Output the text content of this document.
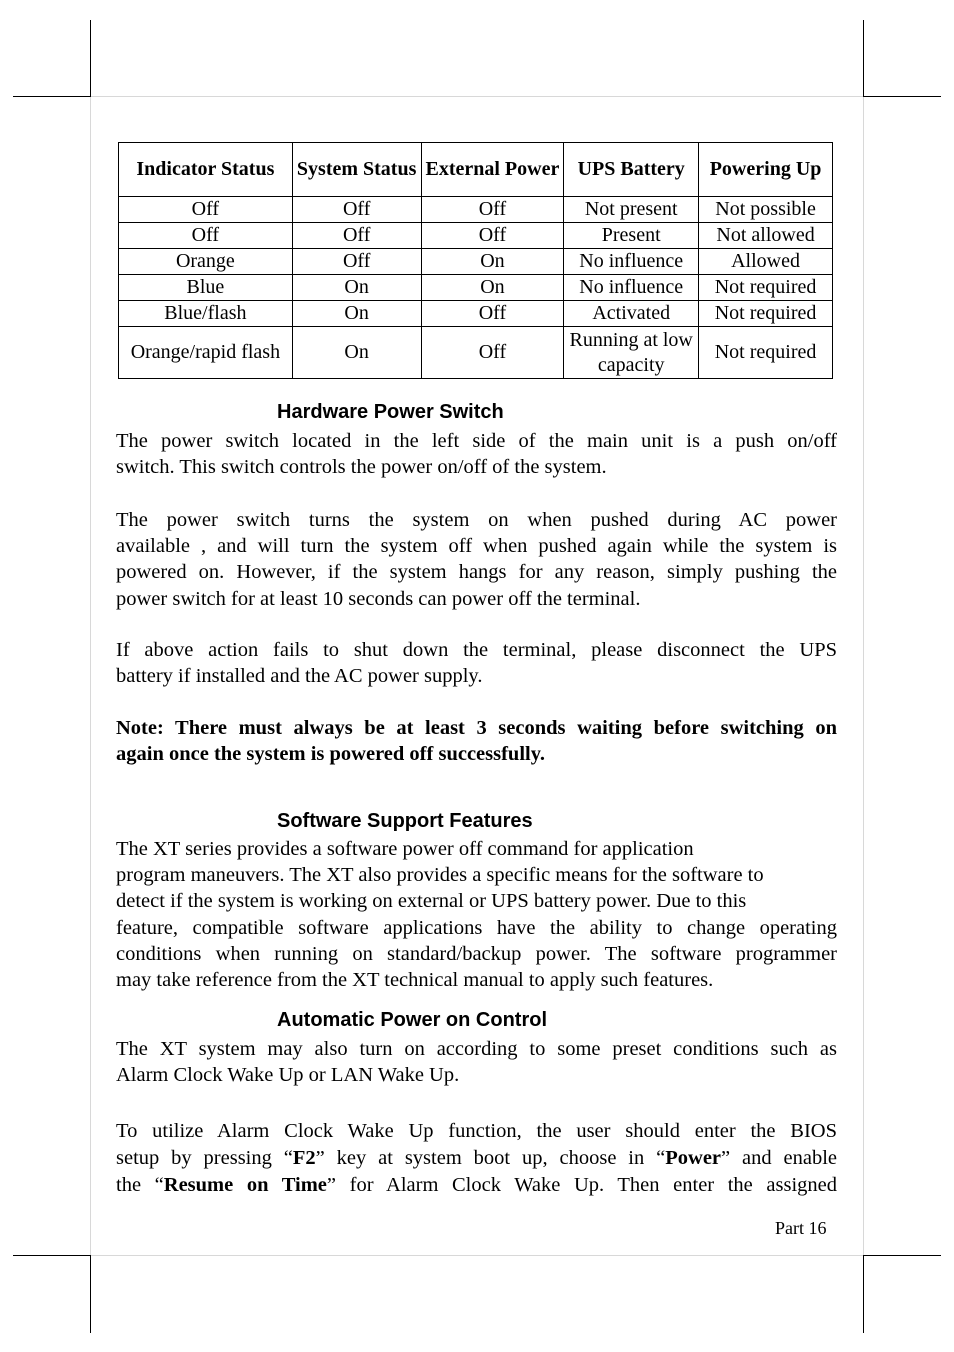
Indicator Status	System Status	External Power	UPS Battery	Powering Up
Off	Off	Off	Not present	Not possible
Off	Off	Off	Present	Not allowed
Orange	Off	On	No influence	Allowed
Blue	On	On	No influence	Not required
Blue/flash	On	Off	Activated	Not required
Orange/rapid flash	On	Off	Running at low capacity	Not required
Hardware Power Switch
The power switch located in the left side of the main unit is a push on/off
switch. This switch controls the power on/off of the system.
The power switch turns the system on when pushed during AC power
available , and will turn the system off when pushed again while the system is
powered on. However, if the system hangs for any reason, simply pushing the
power switch for at least 10 seconds can power off the terminal.
If above action fails to shut down the terminal, please disconnect the UPS
battery if installed and the AC power supply.
Note: There must always be at least 3 seconds waiting before switching on
again once the system is powered off successfully.
Software Support Features
The XT series provides a software power off command for application
program maneuvers. The XT also provides a specific means for the software to
detect if the system is working on external or UPS battery power. Due to this
feature, compatible software applications have the ability to change operating
conditions when running on standard/backup power. The software programmer
may take reference from the XT technical manual to apply such features.
Automatic Power on Control
The XT system may also turn on according to some preset conditions such as
Alarm Clock Wake Up or LAN Wake Up.
To utilize Alarm Clock Wake Up function, the user should enter the BIOS
setup by pressing “F2” key at system boot up, choose in “Power” and enable
the “Resume on Time” for Alarm Clock Wake Up. Then enter the assigned
Part 16
